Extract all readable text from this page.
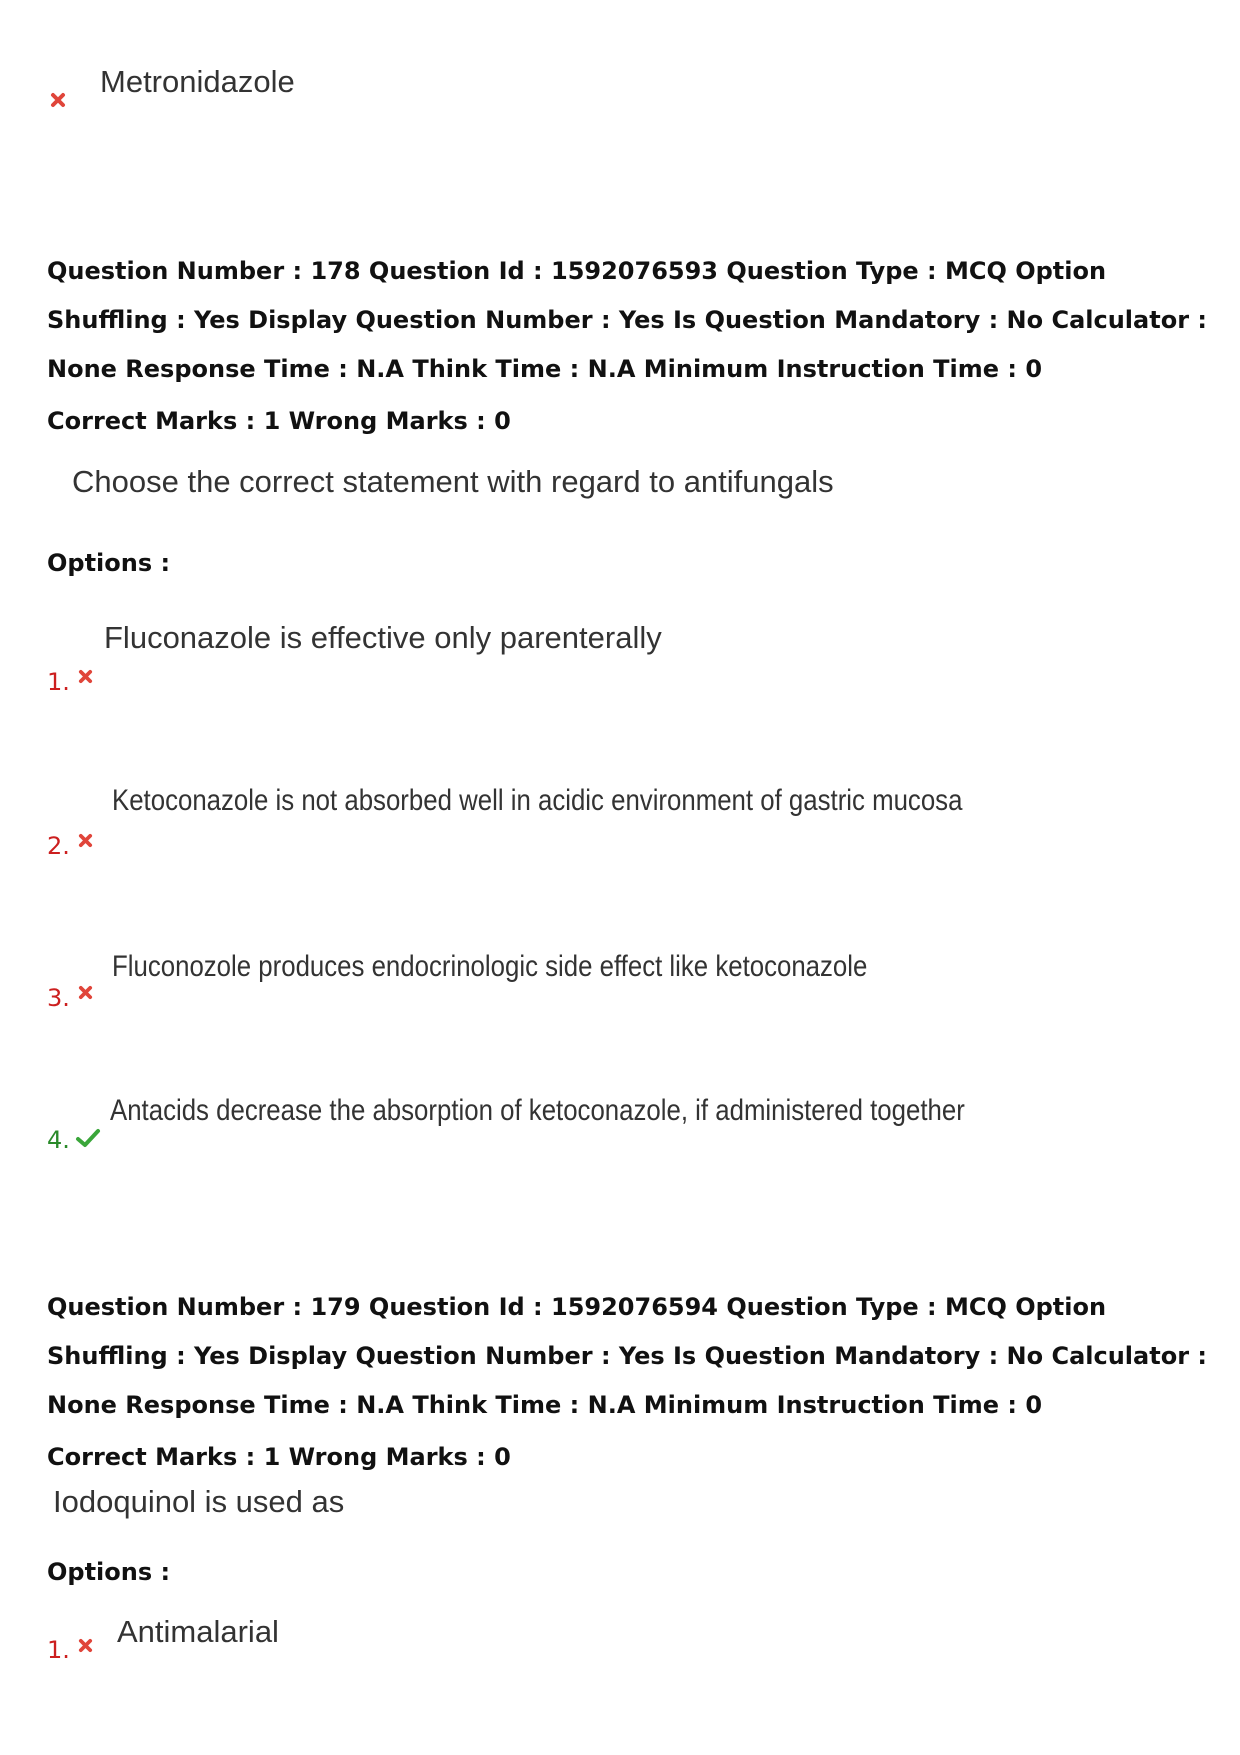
Metronidazole
Question Number : 178 Question Id : 1592076593 Question Type : MCQ Option Shuffling : Yes Display Question Number : Yes Is Question Mandatory : No Calculator : None Response Time : N.A Think Time : N.A Minimum Instruction Time : 0
Correct Marks : 1 Wrong Marks : 0
Choose the correct statement with regard to antifungals
Options :
Fluconazole is effective only parenterally
1.
Ketoconazole is not absorbed well in acidic environment of gastric mucosa
2.
Fluconozole produces endocrinologic side effect like ketoconazole
3.
Antacids decrease the absorption of ketoconazole, if administered together
4.
Question Number : 179 Question Id : 1592076594 Question Type : MCQ Option Shuffling : Yes Display Question Number : Yes Is Question Mandatory : No Calculator : None Response Time : N.A Think Time : N.A Minimum Instruction Time : 0
Correct Marks : 1 Wrong Marks : 0
Iodoquinol is used as
Options :
Antimalarial
1.
